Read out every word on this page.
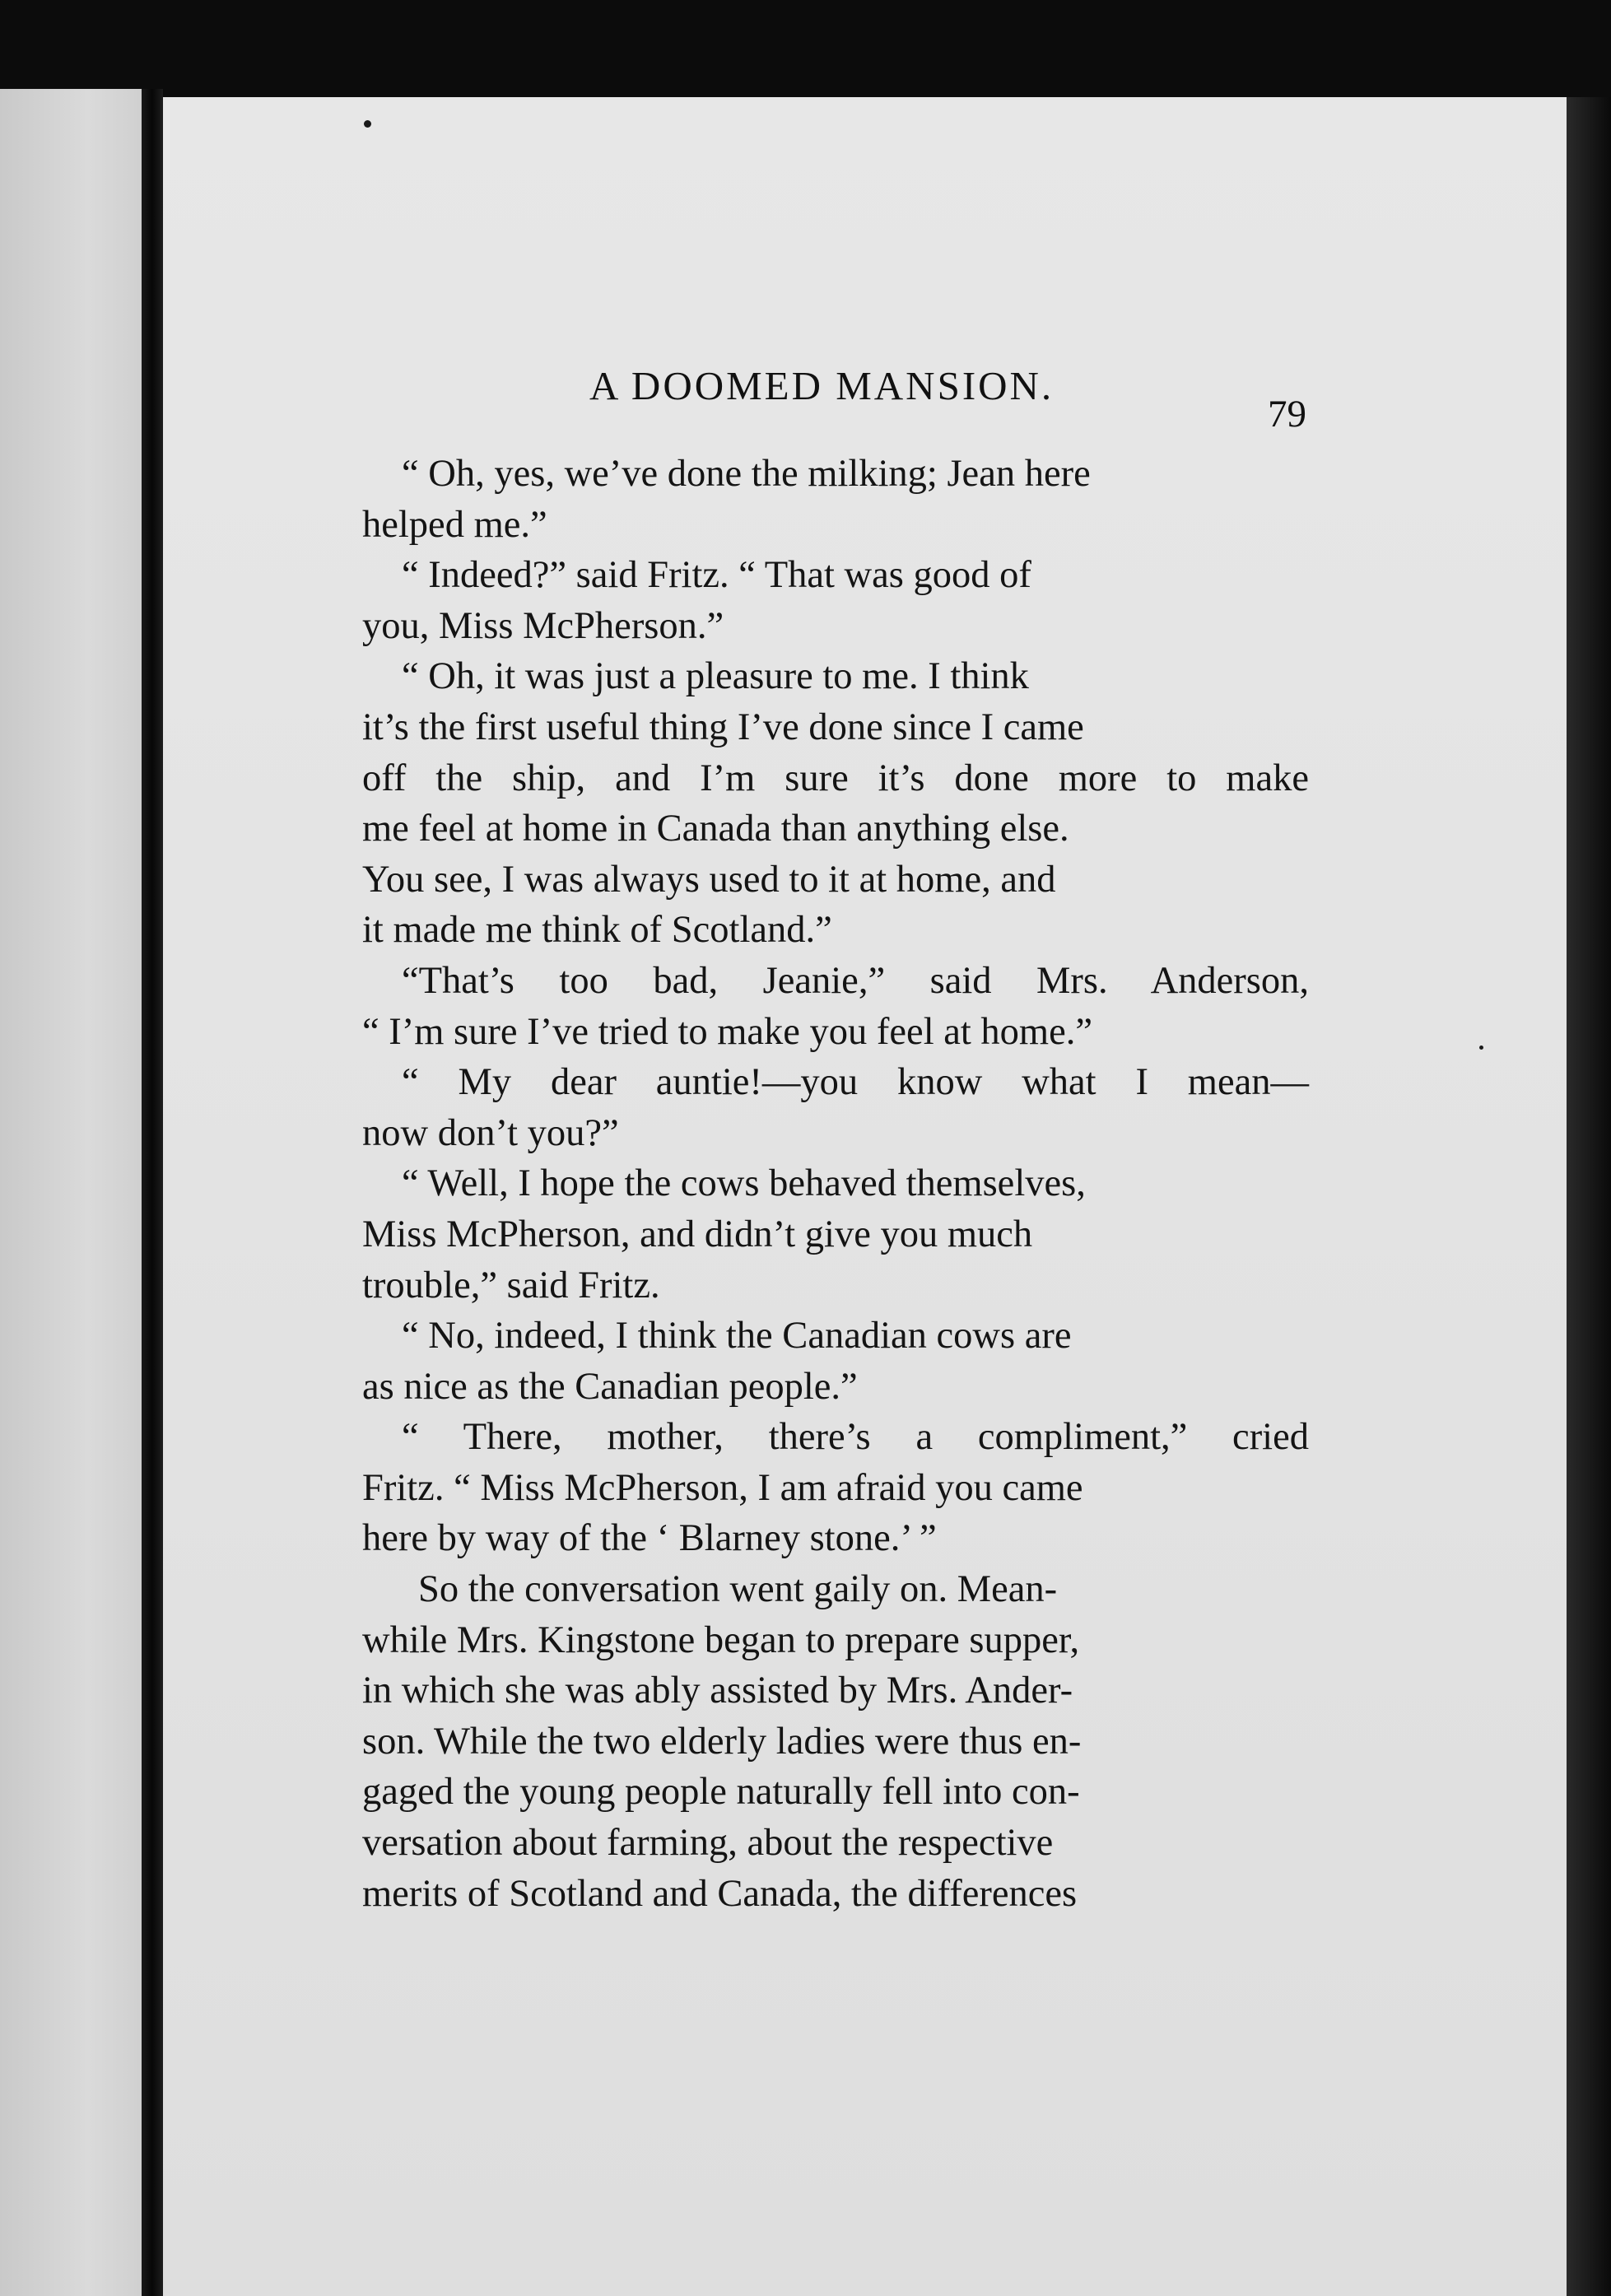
A DOOMED MANSION.
79
“ Oh, yes, we’ve done the milking; Jean here
helped me.”
“ Indeed?” said Fritz. “ That was good of
you, Miss McPherson.”
“ Oh, it was just a pleasure to me. I think
it’s the first useful thing I’ve done since I came
off the ship, and I’m sure it’s done more to make
me feel at home in Canada than anything else.
You see, I was always used to it at home, and
it made me think of Scotland.”
“That’s too bad, Jeanie,” said Mrs. Anderson,
“ I’m sure I’ve tried to make you feel at home.”
“ My dear auntie!—you know what I mean—
now don’t you?”
“ Well, I hope the cows behaved themselves,
Miss McPherson, and didn’t give you much
trouble,” said Fritz.
“ No, indeed, I think the Canadian cows are
as nice as the Canadian people.”
“ There, mother, there’s a compliment,” cried
Fritz. “ Miss McPherson, I am afraid you came
here by way of the ‘ Blarney stone.’ ”
So the conversation went gaily on. Mean-
while Mrs. Kingstone began to prepare supper,
in which she was ably assisted by Mrs. Ander-
son. While the two elderly ladies were thus en-
gaged the young people naturally fell into con-
versation about farming, about the respective
merits of Scotland and Canada, the differences
